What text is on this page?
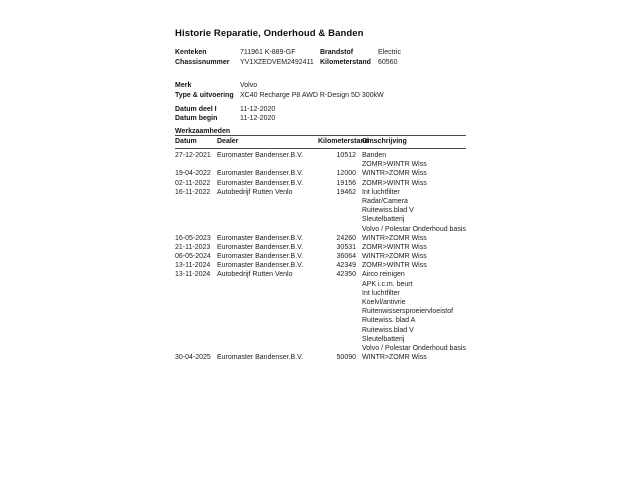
Historie Reparatie, Onderhoud & Banden
Kenteken	711961 K-889-GF	Brandstof	Electric
Chassisnummer YV1XZEDVEM2492411 Kilometerstand 60560
Merk	Volvo
Type & uitvoering XC40 Recharge P8 AWD R-Design 5D 300kW
Datum deel I	11-12-2020
Datum begin	11-12-2020
Werkzaamheden
Datum	Dealer	Kilometerstand
Omschrijving
27-12-2021 Euromaster Bandenser.B.V.	10512 Banden
ZOMR>WINTR Wiss
19-04-2022 Euromaster Bandenser.B.V.	12000 WINTR>ZOMR Wiss
02-11-2022 Euromaster Bandenser.B.V.	19156 ZOMR>WINTR Wiss
16-11-2022 Autobedrijf Rutten Venlo	19462 Int luchtfilter
Radar/Camera
Ruitewiss.blad V
Sleutelbatterij
Volvo / Polestar Onderhoud basis
16-05-2023 Euromaster Bandenser.B.V.	24260 WINTR>ZOMR Wiss
21-11-2023 Euromaster Bandenser.B.V.	30531 ZOMR>WINTR Wiss
06-05-2024 Euromaster Bandenser.B.V.	36064 WINTR>ZOMR Wiss
13-11-2024 Euromaster Bandenser.B.V.	42349 ZOMR>WINTR Wiss
13-11-2024 Autobedrijf Rutten Venlo	42350 Airco reinigen
APK i.c.m. beurt
Int luchtfilter
Koelvl/antivrie
Ruitenwissersproeiervloeistof
Ruitewiss. blad A
Ruitewiss.blad V
Sleutelbatterij
Volvo / Polestar Onderhoud basis
30-04-2025 Euromaster Bandenser.B.V.	50090 WINTR>ZOMR Wiss
